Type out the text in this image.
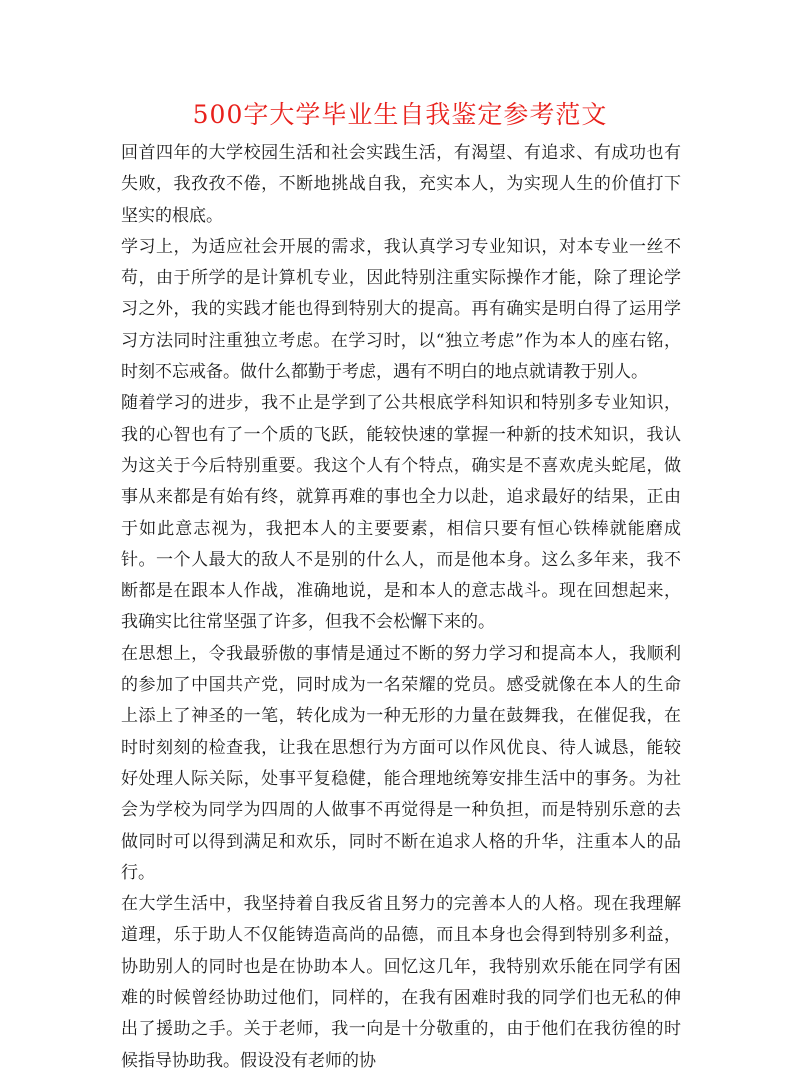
500字大学毕业生自我鉴定参考范文

回首四年的大学校园生活和社会实践生活，有渴望、有追求、有成功也有失败，我孜孜不倦，不断地挑战自我，充实本人，为实现人生的价值打下坚实的根底。

学习上，为适应社会开展的需求，我认真学习专业知识，对本专业一丝不苟，由于所学的是计算机专业，因此特别注重实际操作才能，除了理论学习之外，我的实践才能也得到特别大的提高。再有确实是明白得了运用学习方法同时注重独立考虑。在学习时，以“独立考虑”作为本人的座右铭，时刻不忘戒备。做什么都勤于考虑，遇有不明白的地点就请教于别人。

随着学习的进步，我不止是学到了公共根底学科知识和特别多专业知识，我的心智也有了一个质的飞跃，能较快速的掌握一种新的技术知识，我认为这关于今后特别重要。我这个人有个特点，确实是不喜欢虎头蛇尾，做事从来都是有始有终，就算再难的事也全力以赴，追求最好的结果，正由于如此意志视为，我把本人的主要要素，相信只要有恒心铁棒就能磨成针。一个人最大的敌人不是别的什么人，而是他本身。这么多年来，我不断都是在跟本人作战，准确地说，是和本人的意志战斗。现在回想起来，我确实比往常坚强了许多，但我不会松懈下来的。

在思想上，令我最骄傲的事情是通过不断的努力学习和提高本人，我顺利的参加了中国共产党，同时成为一名荣耀的党员。感受就像在本人的生命上添上了神圣的一笔，转化成为一种无形的力量在鼓舞我，在催促我，在时时刻刻的检查我，让我在思想行为方面可以作风优良、待人诚恳，能较好处理人际关际，处事平复稳健，能合理地统筹安排生活中的事务。为社会为学校为同学为四周的人做事不再觉得是一种负担，而是特别乐意的去做同时可以得到满足和欢乐，同时不断在追求人格的升华，注重本人的品行。

在大学生活中，我坚持着自我反省且努力的完善本人的人格。现在我理解道理，乐于助人不仅能铸造高尚的品德，而且本身也会得到特别多利益，协助别人的同时也是在协助本人。回忆这几年，我特别欢乐能在同学有困难的时候曾经协助过他们，同样的，在我有困难时我的同学们也无私的伸出了援助之手。关于老师，我一向是十分敬重的，由于他们在我彷徨的时候指导协助我。假设没有老师的协
